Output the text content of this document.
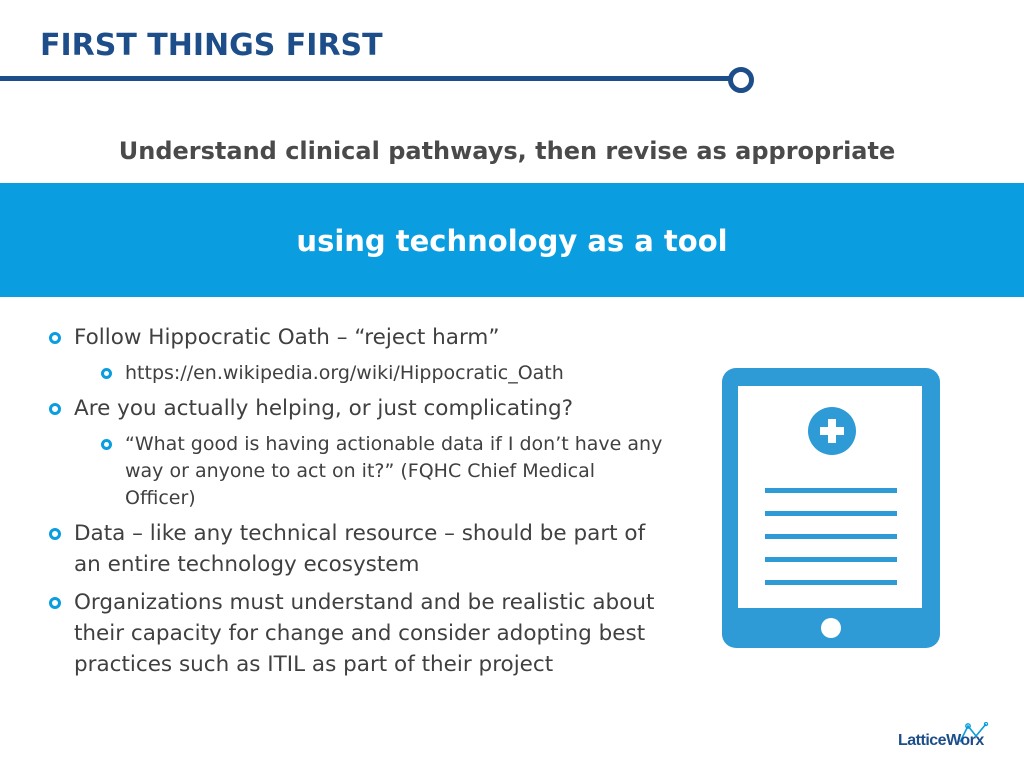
FIRST THINGS FIRST
Understand clinical pathways, then revise as appropriate
using technology as a tool
Follow Hippocratic Oath – “reject harm”
https://en.wikipedia.org/wiki/Hippocratic_Oath
Are you actually helping, or just complicating?
“What good is having actionable data if I don’t have any way or anyone to act on it?” (FQHC Chief Medical Officer)
Data – like any technical resource – should be part of an entire technology ecosystem
Organizations must understand and be realistic about their capacity for change and consider adopting best practices such as ITIL as part of their project
LatticeWorx
